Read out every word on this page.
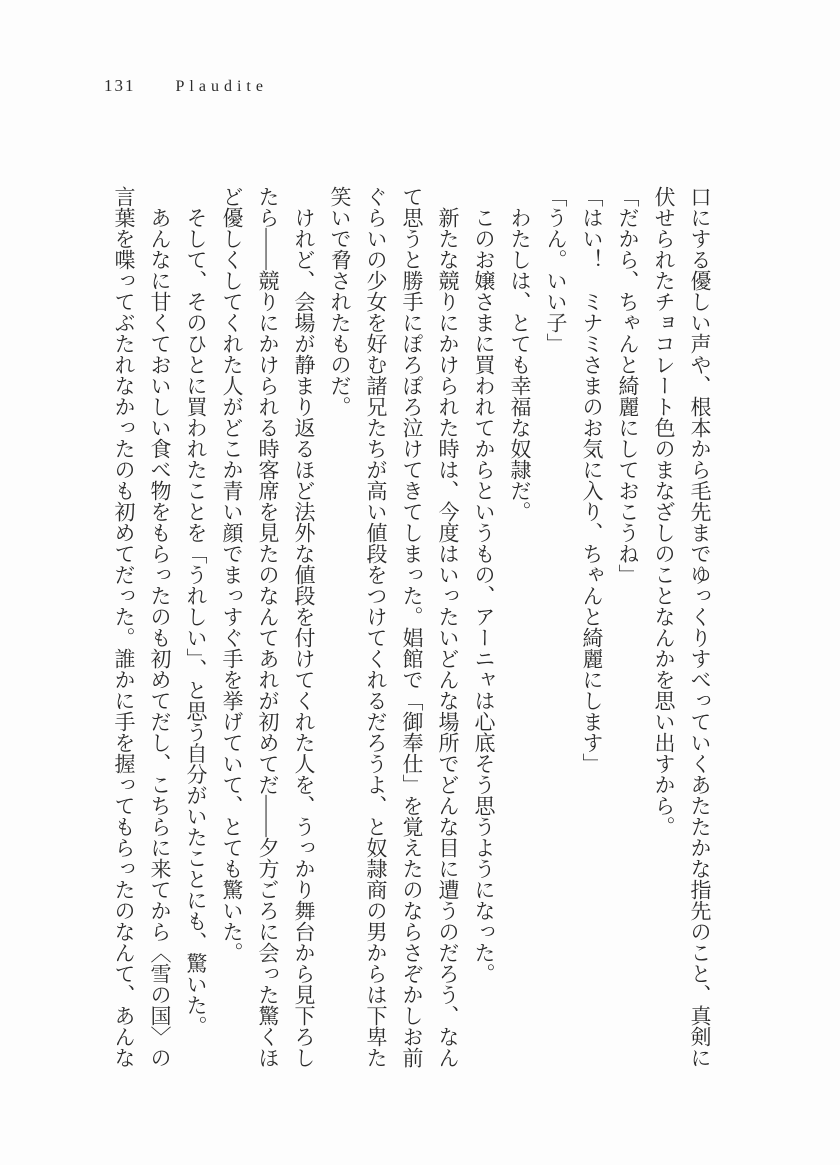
131	Plaudite

口にする優しい声や、根本から毛先までゆっくりすべっていくあたたかな指先のこと、真剣に伏せられたチョコレート色のまなざしのことなんかを思い出すから。

「だから、ちゃんと綺麗にしておこうね」

「はい！　ミナミさまのお気に入り、ちゃんと綺麗にします」

「うん。いい子」

わたしは、とても幸福な奴隷だ。

このお嬢さまに買われてからというもの、アーニャは心底そう思うようになった。

新たな競りにかけられた時は、今度はいったいどんな場所でどんな目に遭うのだろう、なんて思うと勝手にぽろぽろ泣けてきてしまった。娼館で「御奉仕」を覚えたのならさぞかしお前ぐらいの少女を好む諸兄たちが高い値段をつけてくれるだろうよ、と奴隷商の男からは下卑た笑いで脅されたものだ。

けれど、会場が静まり返るほど法外な値段を付けてくれた人を、うっかり舞台から見下ろしたら——競りにかけられる時客席を見たのなんてあれが初めてだ——夕方ごろに会った驚くほど優しくしてくれた人がどこか青い顔でまっすぐ手を挙げていて、とても驚いた。

そして、そのひとに買われたことを「うれしい」、と思う自分がいたことにも、驚いた。

あんなに甘くておいしい食べ物をもらったのも初めてだし、こちらに来てから〈雪の国〉の言葉を喋ってぶたれなかったのも初めてだった。誰かに手を握ってもらったのなんて、あんな
